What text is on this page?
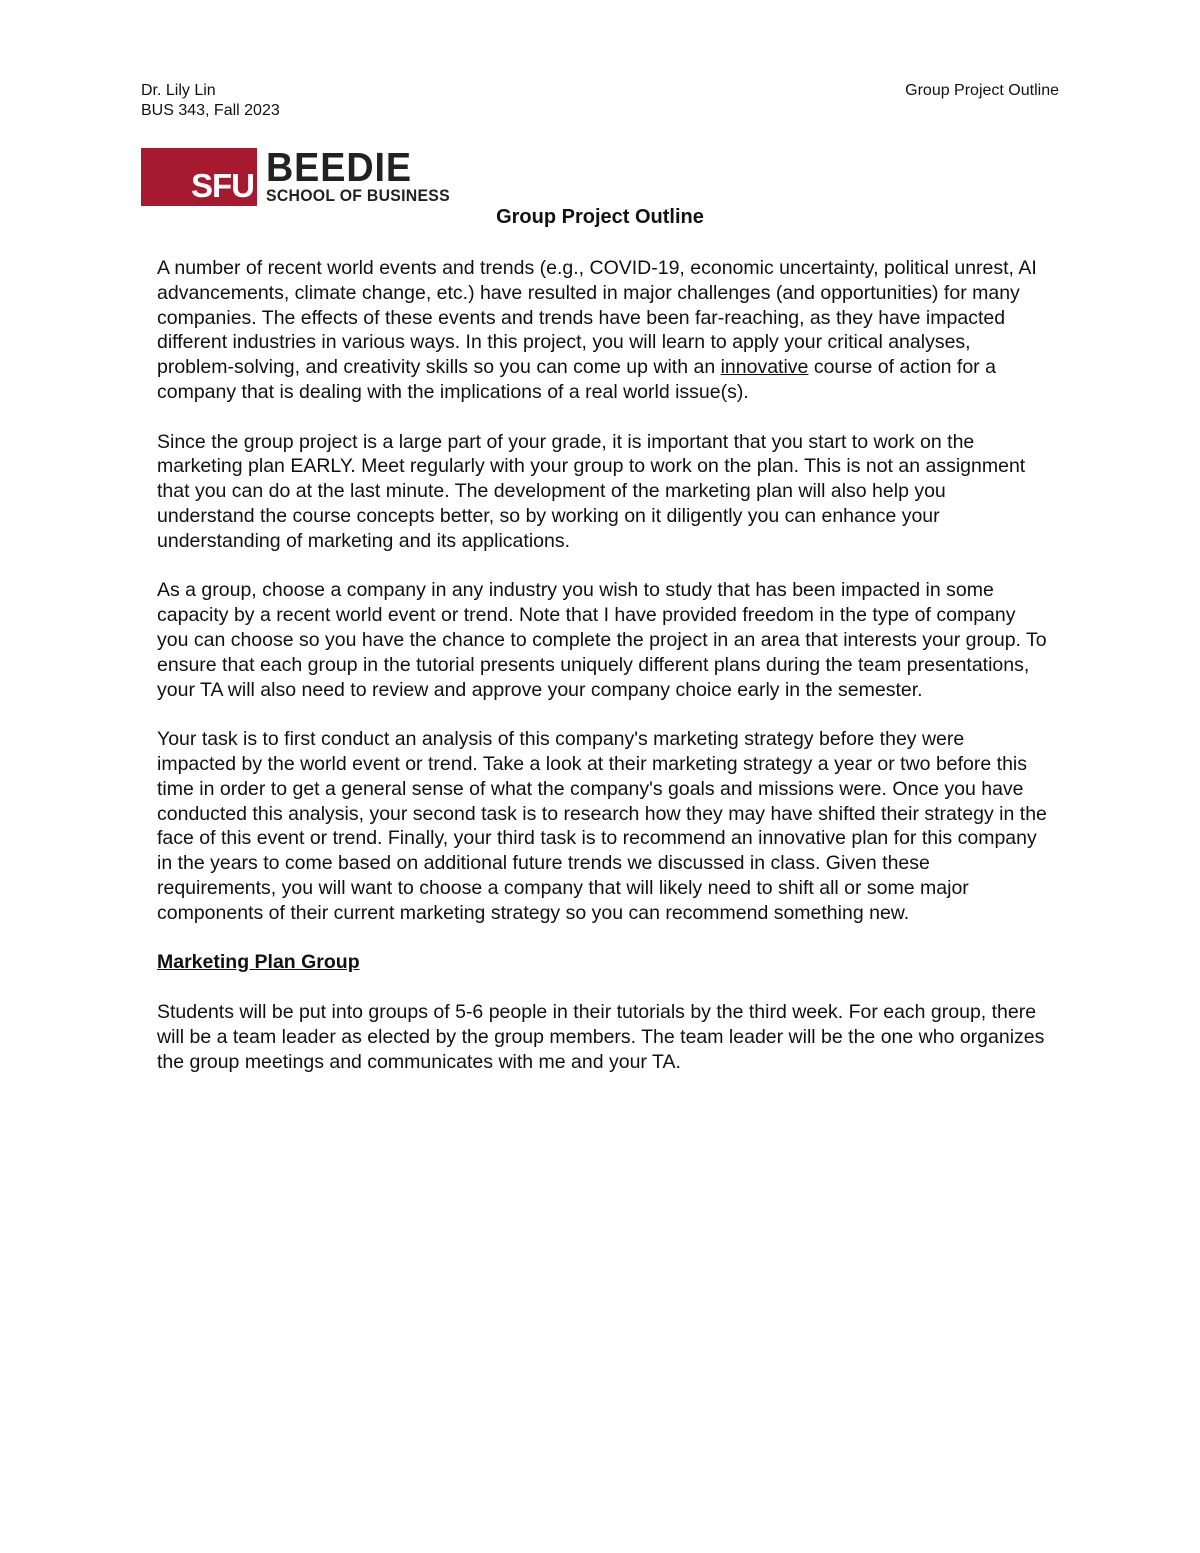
Dr. Lily Lin
BUS 343, Fall 2023
Group Project Outline
SFU BEEDIE
SCHOOL OF BUSINESS
Group Project Outline

A number of recent world events and trends (e.g., COVID-19, economic uncertainty, political unrest, AI advancements, climate change, etc.) have resulted in major challenges (and opportunities) for many companies. The effects of these events and trends have been far-reaching, as they have impacted different industries in various ways. In this project, you will learn to apply your critical analyses, problem-solving, and creativity skills so you can come up with an innovative course of action for a company that is dealing with the implications of a real world issue(s).

Since the group project is a large part of your grade, it is important that you start to work on the marketing plan EARLY. Meet regularly with your group to work on the plan. This is not an assignment that you can do at the last minute. The development of the marketing plan will also help you understand the course concepts better, so by working on it diligently you can enhance your understanding of marketing and its applications.

As a group, choose a company in any industry you wish to study that has been impacted in some capacity by a recent world event or trend. Note that I have provided freedom in the type of company you can choose so you have the chance to complete the project in an area that interests your group. To ensure that each group in the tutorial presents uniquely different plans during the team presentations, your TA will also need to review and approve your company choice early in the semester.

Your task is to first conduct an analysis of this company's marketing strategy before they were impacted by the world event or trend. Take a look at their marketing strategy a year or two before this time in order to get a general sense of what the company's goals and missions were. Once you have conducted this analysis, your second task is to research how they may have shifted their strategy in the face of this event or trend. Finally, your third task is to recommend an innovative plan for this company in the years to come based on additional future trends we discussed in class. Given these requirements, you will want to choose a company that will likely need to shift all or some major components of their current marketing strategy so you can recommend something new.

Marketing Plan Group

Students will be put into groups of 5-6 people in their tutorials by the third week. For each group, there will be a team leader as elected by the group members. The team leader will be the one who organizes the group meetings and communicates with me and your TA.
